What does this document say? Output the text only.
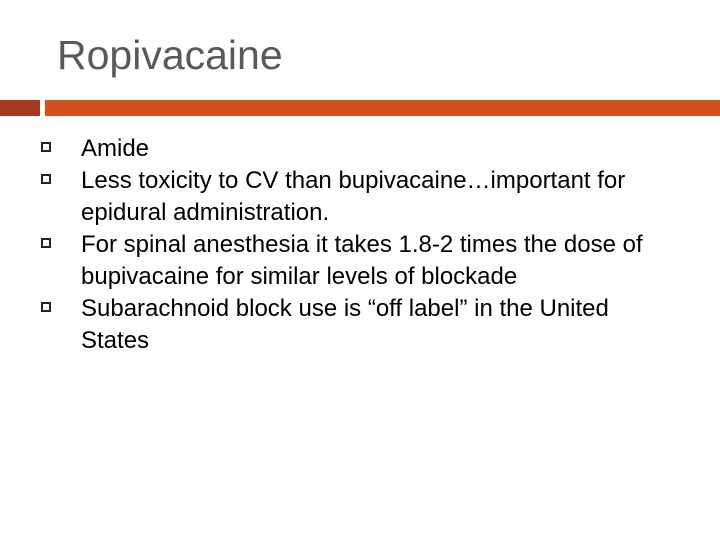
Ropivacaine
Amide
Less toxicity to CV than bupivacaine…important for epidural administration.
For spinal anesthesia it takes 1.8-2 times the dose of bupivacaine for similar levels of blockade
Subarachnoid block use is “off label” in the United States
